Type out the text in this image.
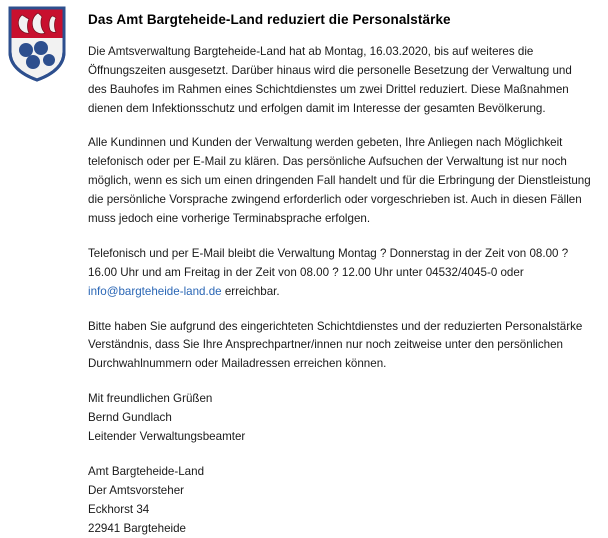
Das Amt Bargteheide-Land reduziert die Personalstärke

Die Amtsverwaltung Bargteheide-Land hat ab Montag, 16.03.2020, bis auf weiteres die Öffnungszeiten ausgesetzt. Darüber hinaus wird die personelle Besetzung der Verwaltung und des Bauhofes im Rahmen eines Schichtdienstes um zwei Drittel reduziert. Diese Maßnahmen dienen dem Infektionsschutz und erfolgen damit im Interesse der gesamten Bevölkerung.

Alle Kundinnen und Kunden der Verwaltung werden gebeten, Ihre Anliegen nach Möglichkeit telefonisch oder per E-Mail zu klären. Das persönliche Aufsuchen der Verwaltung ist nur noch möglich, wenn es sich um einen dringenden Fall handelt und für die Erbringung der Dienstleistung die persönliche Vorsprache zwingend erforderlich oder vorgeschrieben ist. Auch in diesen Fällen muss jedoch eine vorherige Terminabsprache erfolgen.

Telefonisch und per E-Mail bleibt die Verwaltung Montag ? Donnerstag in der Zeit von 08.00 ? 16.00 Uhr und am Freitag in der Zeit von 08.00 ? 12.00 Uhr unter 04532/4045-0 oder info@bargteheide-land.de erreichbar.

Bitte haben Sie aufgrund des eingerichteten Schichtdienstes und der reduzierten Personalstärke Verständnis, dass Sie Ihre Ansprechpartner/innen nur noch zeitweise unter den persönlichen Durchwahlnummern oder Mailadressen erreichen können.

Mit freundlichen Grüßen
Bernd Gundlach
Leitender Verwaltungsbeamter
Amt Bargteheide-Land
Der Amtsvorsteher
Eckhorst 34
22941 Bargteheide
